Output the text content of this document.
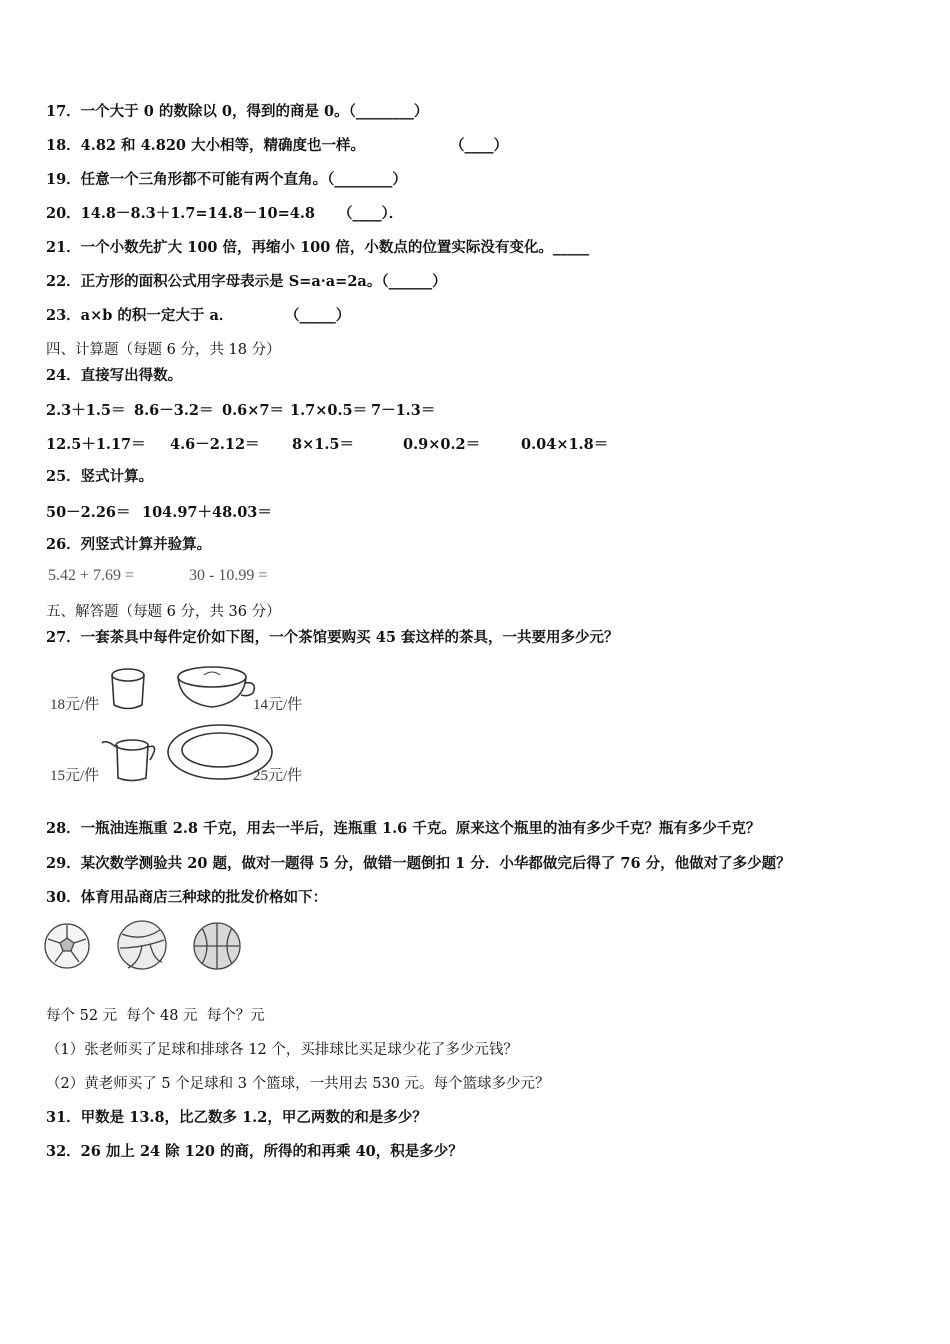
17．一个大于 0 的数除以 0，得到的商是 0。（________）
18．4.82 和 4.820 大小相等，精确度也一样。	（____）
19．任意一个三角形都不可能有两个直角。（________）
20．14.8－8.3＋1.7=14.8－10=4.8 （____）．
21．一个小数先扩大 100 倍，再缩小 100 倍，小数点的位置实际没有变化。_____
22．正方形的面积公式用字母表示是 S=a·a=2a。（______）
23．a×b 的积一定大于 a．	（_____）
四、计算题（每题 6 分，共 18 分）
24．直接写出得数。
2.3＋1.5＝ 8.6－3.2＝ 0.6×7＝ 1.7×0.5＝ 7－1.3＝
12.5＋1.17＝ 4.6－2.12＝ 8×1.5＝	0.9×0.2＝	0.04×1.8＝
25．竖式计算。
50－2.26＝ 104.97＋48.03＝
26．列竖式计算并验算。
5.42 + 7.69 =	30 - 10.99 =
五、解答题（每题 6 分，共 36 分）
27．一套茶具中每件定价如下图，一个茶馆要购买 45 套这样的茶具，一共要用多少元？
18元/件	14元/件
15元/件	25元/件
28．一瓶油连瓶重 2.8 千克，用去一半后，连瓶重 1.6 千克。原来这个瓶里的油有多少千克？瓶有多少千克？
29．某次数学测验共 20 题，做对一题得 5 分，做错一题倒扣 1 分．小华都做完后得了 76 分，他做对了多少题？
30．体育用品商店三种球的批发价格如下：
每个 52 元  每个 48 元  每个？元
（1）张老师买了足球和排球各 12 个，买排球比买足球少花了多少元钱？
（2）黄老师买了 5 个足球和 3 个篮球，一共用去 530 元。每个篮球多少元？
31．甲数是 13.8，比乙数多 1.2，甲乙两数的和是多少？
32．26 加上 24 除 120 的商，所得的和再乘 40，积是多少？
